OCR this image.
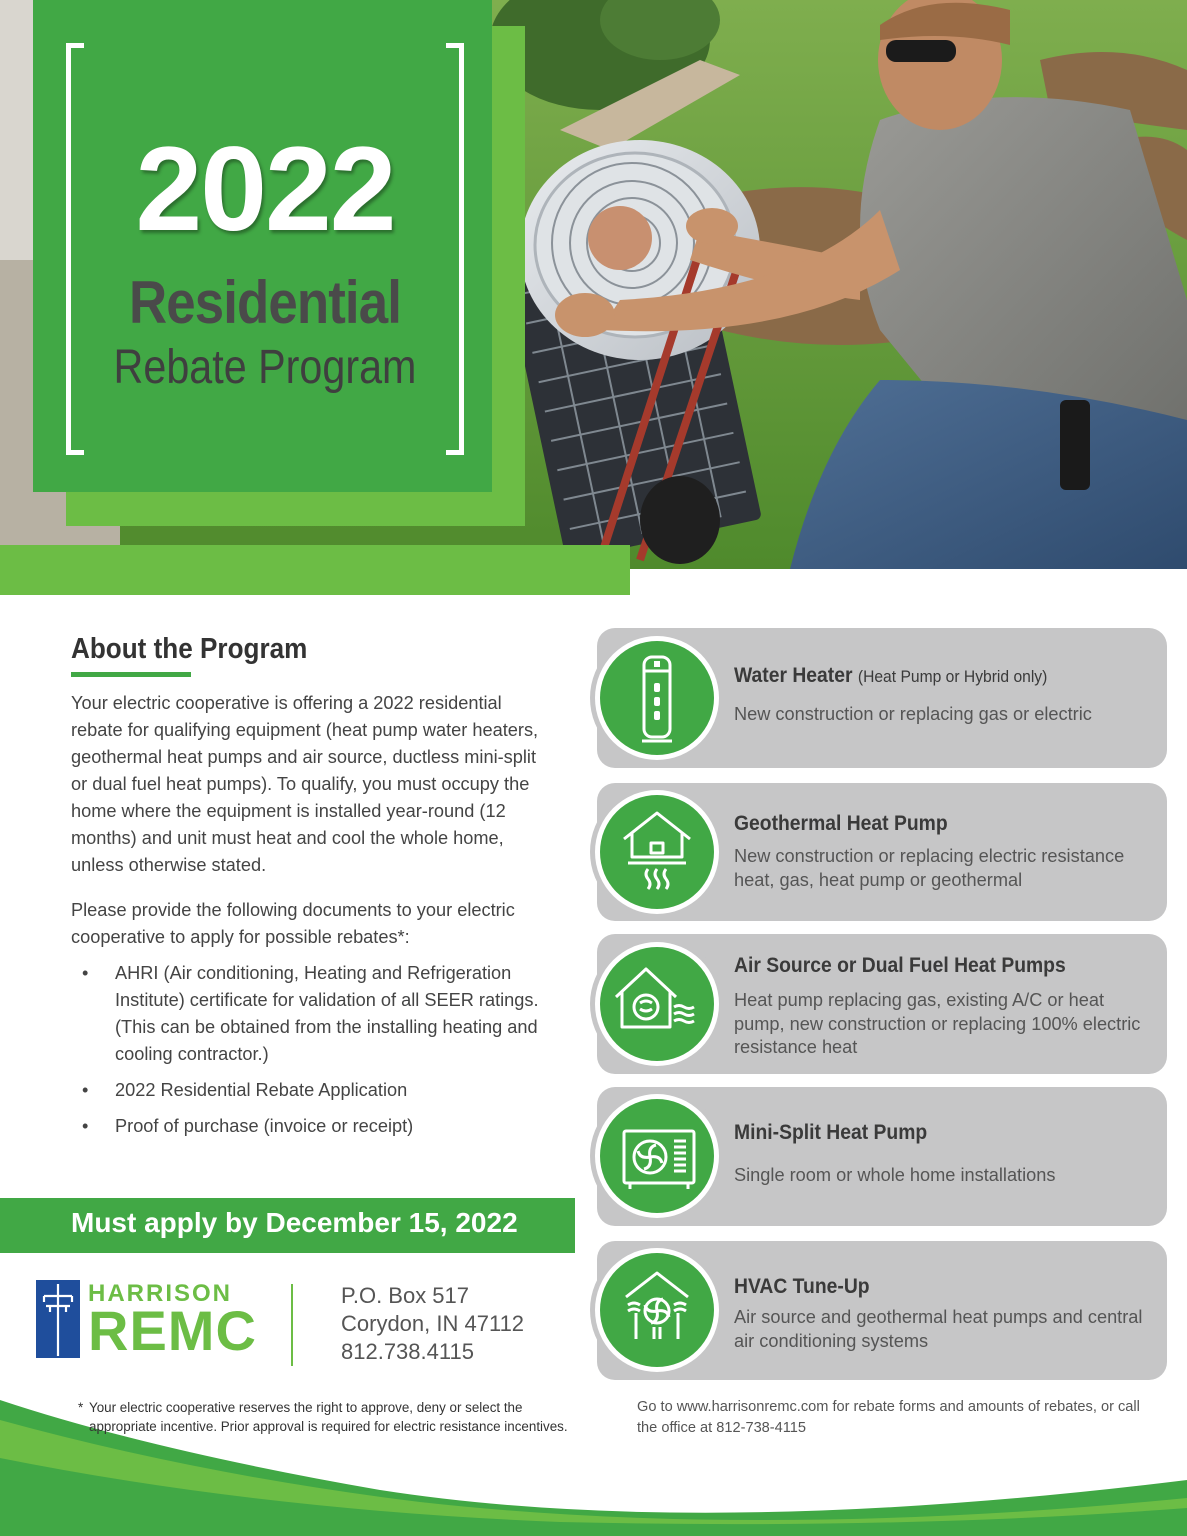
2022
Residential
Rebate Program
About the Program

Your electric cooperative is offering a 2022 residential rebate for qualifying equipment (heat pump water heaters, geothermal heat pumps and air source, ductless mini-split or dual fuel heat pumps). To qualify, you must occupy the home where the equipment is installed year-round (12 months) and unit must heat and cool the whole home, unless otherwise stated.

Please provide the following documents to your electric cooperative to apply for possible rebates*:

• AHRI (Air conditioning, Heating and Refrigeration Institute) certificate for validation of all SEER ratings. (This can be obtained from the installing heating and cooling contractor.)
• 2022 Residential Rebate Application
• Proof of purchase (invoice or receipt)
Must apply by December 15, 2022
HARRISON
REMC
P.O. Box 517
Corydon, IN 47112
812.738.4115
* Your electric cooperative reserves the right to approve, deny or select the appropriate incentive. Prior approval is required for electric resistance incentives.
Go to www.harrisonremc.com for rebate forms and amounts of rebates, or call the office at 812-738-4115
Water Heater (Heat Pump or Hybrid only)
New construction or replacing gas or electric
Geothermal Heat Pump
New construction or replacing electric resistance heat, gas, heat pump or geothermal
Air Source or Dual Fuel Heat Pumps
Heat pump replacing gas, existing A/C or heat pump, new construction or replacing 100% electric resistance heat
Mini-Split Heat Pump
Single room or whole home installations
HVAC Tune-Up
Air source and geothermal heat pumps and central air conditioning systems
